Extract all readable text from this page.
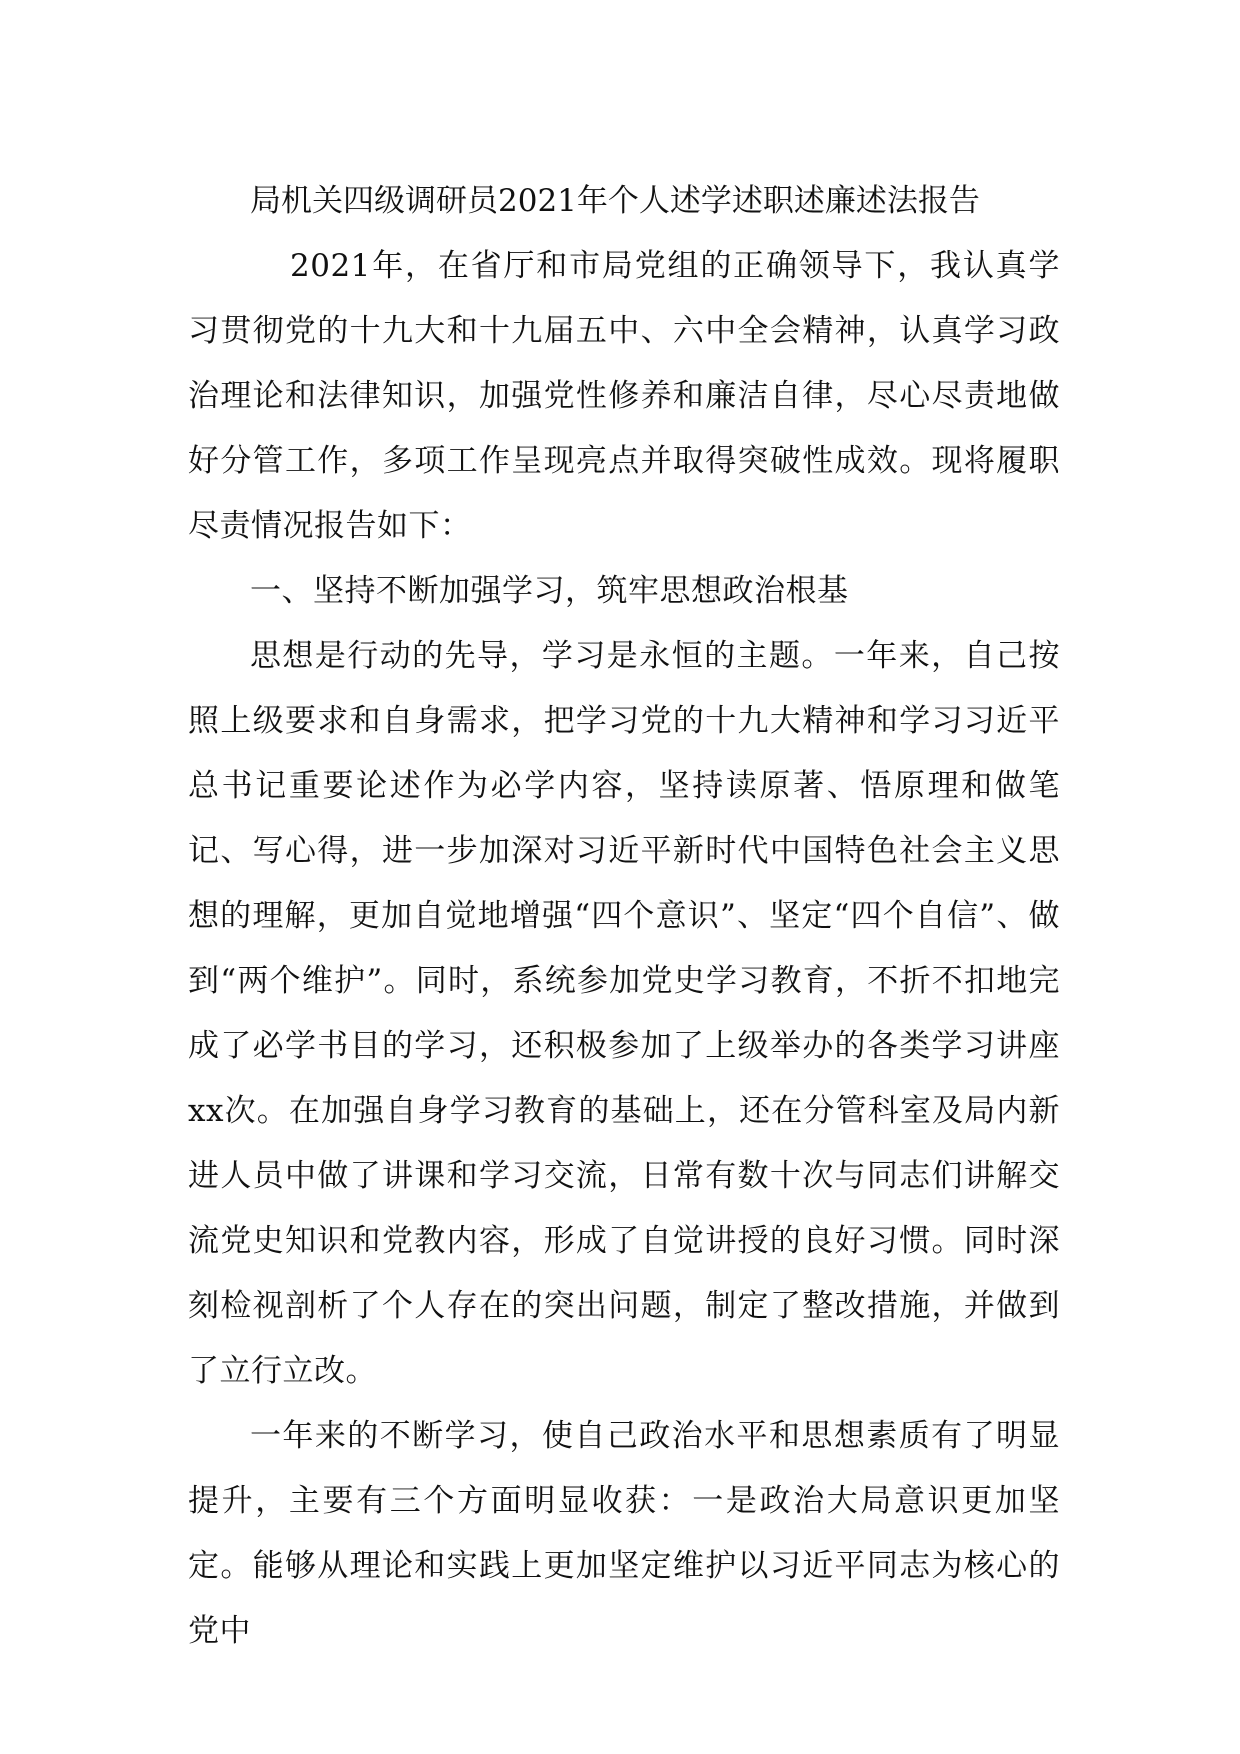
局机关四级调研员2021年个人述学述职述廉述法报告

2021年，在省厅和市局党组的正确领导下，我认真学习贯彻党的十九大和十九届五中、六中全会精神，认真学习政治理论和法律知识，加强党性修养和廉洁自律，尽心尽责地做好分管工作，多项工作呈现亮点并取得突破性成效。现将履职尽责情况报告如下：

一、坚持不断加强学习，筑牢思想政治根基

思想是行动的先导，学习是永恒的主题。一年来，自己按照上级要求和自身需求，把学习党的十九大精神和学习习近平总书记重要论述作为必学内容，坚持读原著、悟原理和做笔记、写心得，进一步加深对习近平新时代中国特色社会主义思想的理解，更加自觉地增强“四个意识”、坚定“四个自信”、做到“两个维护”。同时，系统参加党史学习教育，不折不扣地完成了必学书目的学习，还积极参加了上级举办的各类学习讲座xx次。在加强自身学习教育的基础上，还在分管科室及局内新进人员中做了讲课和学习交流，日常有数十次与同志们讲解交流党史知识和党教内容，形成了自觉讲授的良好习惯。同时深刻检视剖析了个人存在的突出问题，制定了整改措施，并做到了立行立改。

一年来的不断学习，使自己政治水平和思想素质有了明显提升，主要有三个方面明显收获：一是政治大局意识更加坚定。能够从理论和实践上更加坚定维护以习近平同志为核心的党中
